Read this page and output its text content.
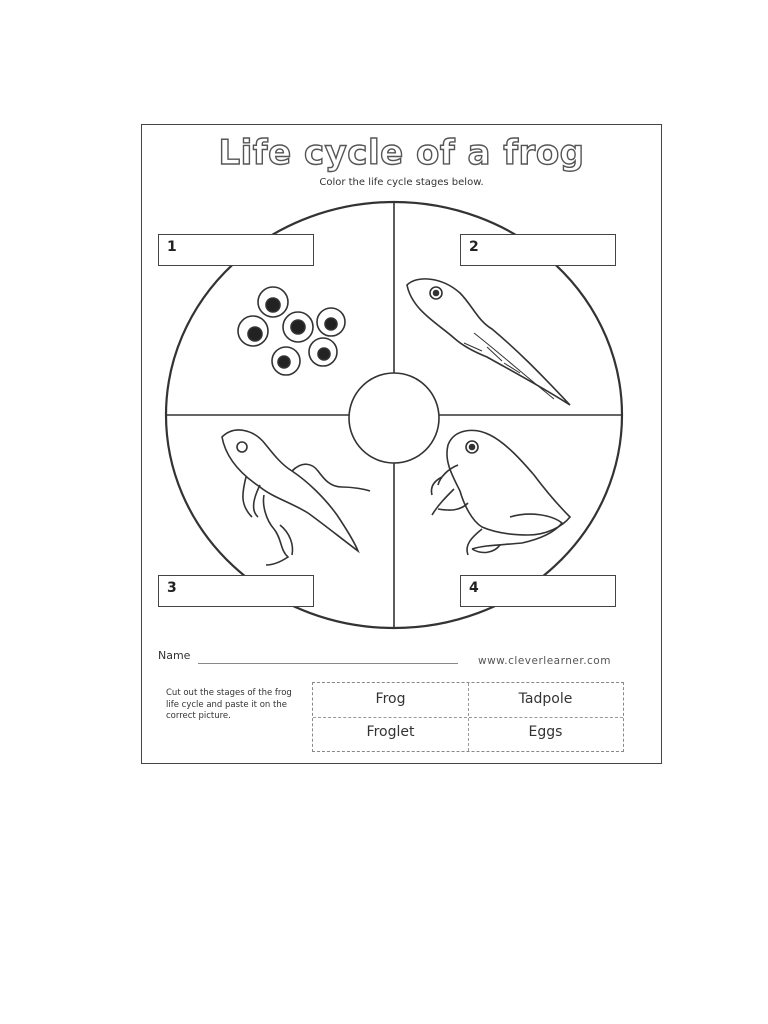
Life cycle of a frog
Color the life cycle stages below.
1	2
3	4
Name	www.cleverlearner.com
Cut out the stages of the frog life cycle and paste it on the correct picture.
Frog	Tadpole
Froglet	Eggs
